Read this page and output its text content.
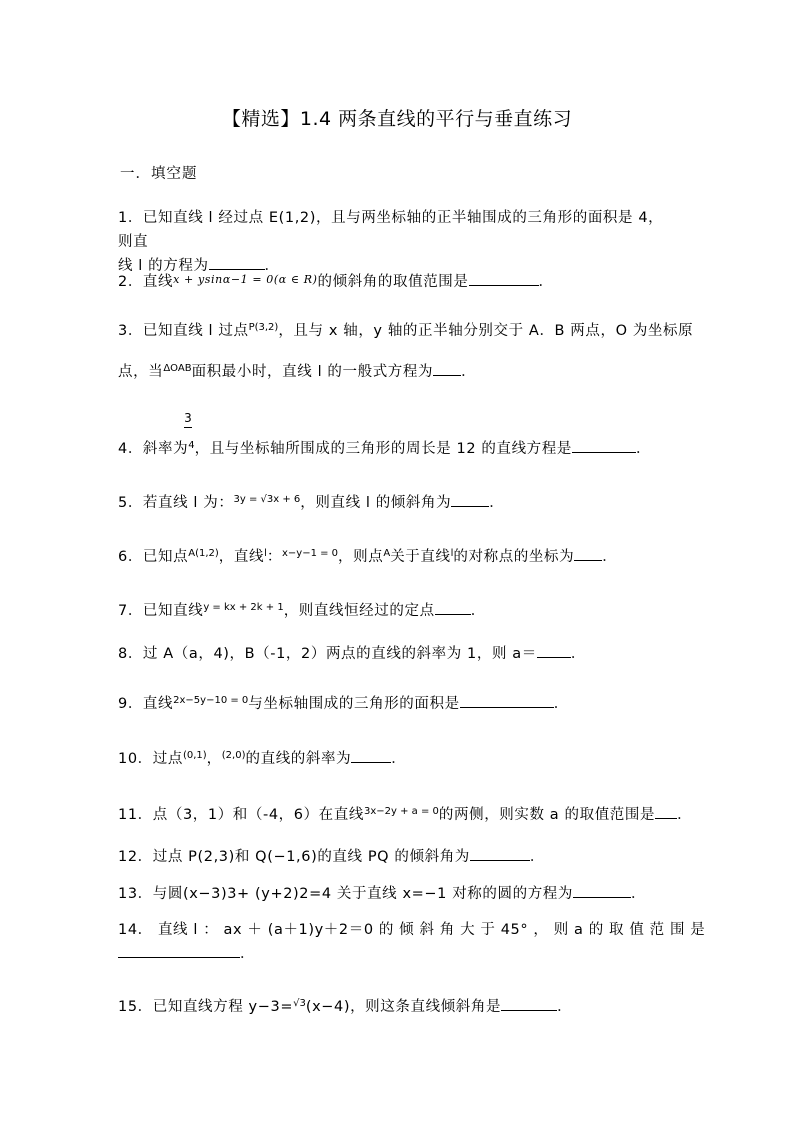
【精选】1.4 两条直线的平行与垂直练习
一．填空题
1．已知直线 l 经过点 E(1,2)，且与两坐标轴的正半轴围成的三角形的面积是 4，则直
线 l 的方程为	．
2．直线$^{x + ysin\alpha-1 = 0(\alpha \in R)}$的倾斜角的取值范围是	．
3．已知直线 l 过点$^{P(3,2)}$，且与 x 轴，y 轴的正半轴分别交于 A．B 两点，O 为坐标原
点，当$^{\Delta OAB}$面积最小时，直线 l 的一般式方程为 ．
3
4．斜率为$^4$，且与坐标轴所围成的三角形的周长是 12 的直线方程是	．
5．若直线 l 为：$^{3y = √3x + 6}$，则直线 l 的倾斜角为	．
6．已知点$^{A(1,2)}$，直线$^l$：$^{x-y-1 = 0}$，则点$^A$关于直线$^l$的对称点的坐标为 ．
7．已知直线$^{y = kx + 2k + 1}$，则直线恒经过的定点 ．
8．过 A（a，4)，B（-1，2）两点的直线的斜率为 1，则 a＝ ．
9．直线$^{2x-5y-10 = 0}$与坐标轴围成的三角形的面积是	．
10．过点$^{(0,1)}$，$^{(2,0)}$的直线的斜率为	．
11．点（3，1）和（-4，6）在直线$^{3x-2y + a = 0}$的两侧，则实数 a 的取值范围是 ．
12．过点 P(2,3)和 Q(−1,6)的直线 PQ 的倾斜角为	．
13．与圆(x−3)3+ (y+2)2=4 关于直线 x=−1 对称的圆的方程为	．
14． 直线 l ： ax ＋ (a＋1)y＋2＝0 的 倾 斜 角 大 于 45° ， 则 a 的 取 值 范 围 是
．
15．已知直线方程 y−3=$^{√3}$(x−4)，则这条直线倾斜角是	．
